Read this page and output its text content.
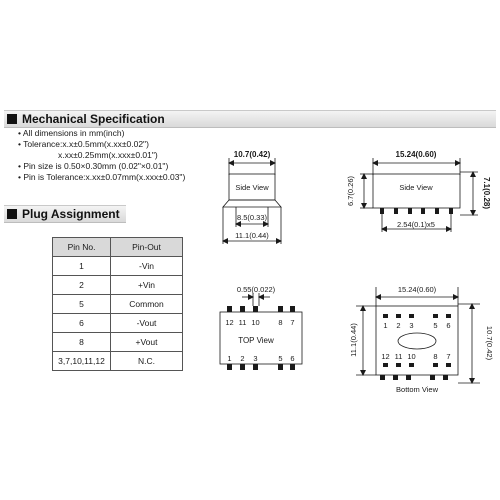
Mechanical Specification
• All dimensions in mm(inch)
• Tolerance:x.x±0.5mm(x.xx±0.02")
x.xx±0.25mm(x.xxx±0.01")
• Pin size is 0.50×0.30mm (0.02"×0.01")
• Pin is Tolerance:x.xx±0.07mm(x.xxx±0.03")
Plug Assignment
Pin No.	Pin-Out
1	-Vin
2	+Vin
5	Common
6	-Vout
8	+Vout
3,7,10,11,12	N.C.
10.7(0.42)
Side View
8.5(0.33)
11.1(0.44)
15.24(0.60)
Side View
6.7(0.26)	7.1(0.28)
2.54(0.1)x5
0.55(0.022)
TOP View
12 11 10 8 7
1 2 3	5 6
15.24(0.60)
11.1(0.44)	10.7(0.42)
Bottom View
1 2 3	5 6
12 11 10 8 7
